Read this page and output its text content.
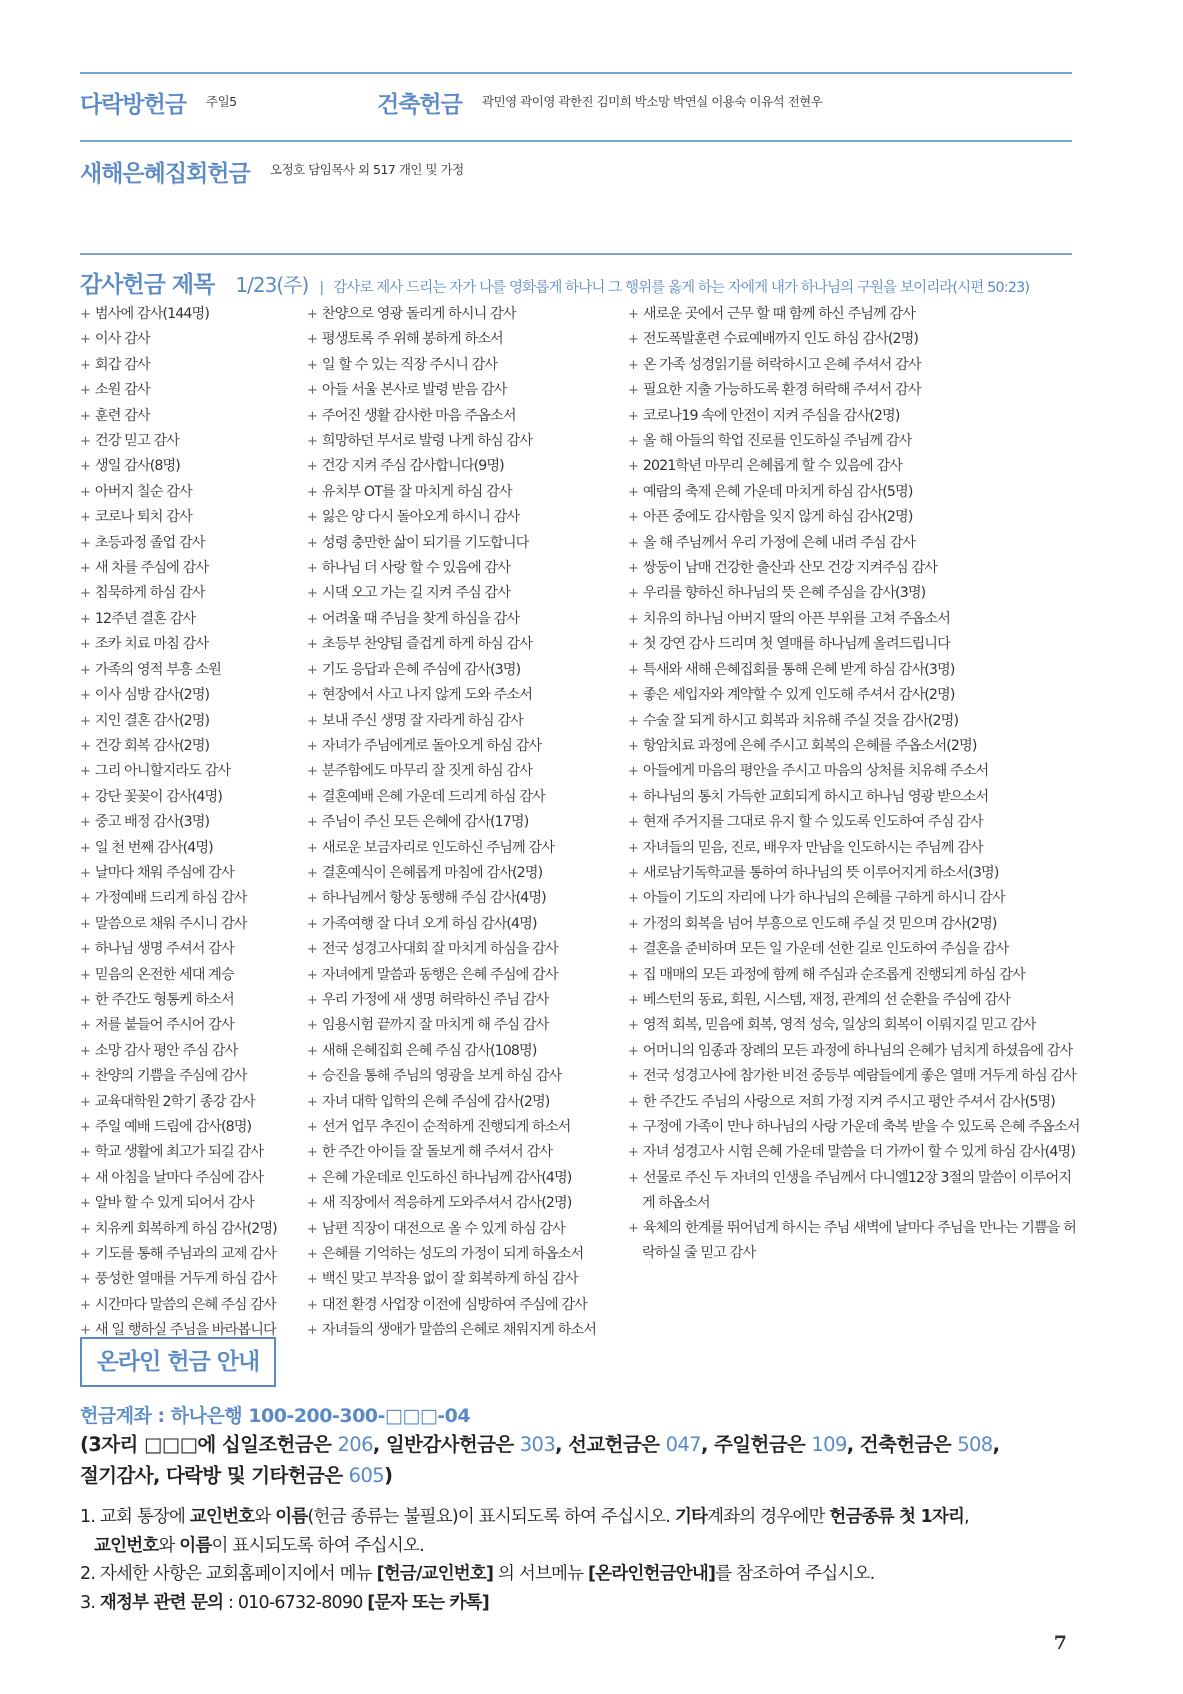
다락방헌금 주일5	건축헌금 곽민영 곽이영 곽한진 김미희 박소망 박연실 이용숙 이유석 전현우
새해은혜집회헌금 오정호 담임목사 외 517 개인 및 가정
감사헌금 제목 1/23(주) | 감사로 제사 드리는 자가 나를 영화롭게 하나니 그 행위를 옳게 하는 자에게 내가 하나님의 구원을 보이리라(시편 50:23)
+ 범사에 감사(144명)
+ 이사 감사
+ 회갑 감사
+ 소원 감사
+ 훈련 감사
+ 건강 믿고 감사
+ 생일 감사(8명)
+ 아버지 칠순 감사
+ 코로나 퇴치 감사
+ 초등과정 졸업 감사
+ 새 차를 주심에 감사
+ 침묵하게 하심 감사
+ 12주년 결혼 감사
+ 조카 치료 마침 감사
+ 가족의 영적 부흥 소원
+ 이사 심방 감사(2명)
+ 지인 결혼 감사(2명)
+ 건강 회복 감사(2명)
+ 그리 아니할지라도 감사
+ 강단 꽃꽂이 감사(4명)
+ 중고 배정 감사(3명)
+ 일 천 번째 감사(4명)
+ 날마다 채워 주심에 감사
+ 가정예배 드리게 하심 감사
+ 말씀으로 채워 주시니 감사
+ 하나님 생명 주셔서 감사
+ 믿음의 온전한 세대 계승
+ 한 주간도 형통케 하소서
+ 저를 붙들어 주시어 감사
+ 소망 감사 평안 주심 감사
+ 찬양의 기쁨을 주심에 감사
+ 교육대학원 2학기 종강 감사
+ 주일 예배 드림에 감사(8명)
+ 학교 생활에 최고가 되길 감사
+ 새 아침을 날마다 주심에 감사
+ 알바 할 수 있게 되어서 감사
+ 치유케 회복하게 하심 감사(2명)
+ 기도를 통해 주님과의 교제 감사
+ 풍성한 열매를 거두게 하심 감사
+ 시간마다 말씀의 은혜 주심 감사
+ 새 일 행하실 주님을 바라봅니다
+ 찬양으로 영광 돌리게 하시니 감사
+ 평생토록 주 위해 봉하게 하소서
+ 일 할 수 있는 직장 주시니 감사
+ 아들 서울 본사로 발령 받음 감사
+ 주어진 생활 감사한 마음 주옵소서
+ 희망하던 부서로 발령 나게 하심 감사
+ 건강 지켜 주심 감사합니다(9명)
+ 유치부 OT를 잘 마치게 하심 감사
+ 잃은 양 다시 돌아오게 하시니 감사
+ 성령 충만한 삶이 되기를 기도합니다
+ 하나님 더 사랑 할 수 있음에 감사
+ 시댁 오고 가는 길 지켜 주심 감사
+ 어려울 때 주님을 찾게 하심을 감사
+ 초등부 찬양팀 즐겁게 하게 하심 감사
+ 기도 응답과 은혜 주심에 감사(3명)
+ 현장에서 사고 나지 않게 도와 주소서
+ 보내 주신 생명 잘 자라게 하심 감사
+ 자녀가 주님에게로 돌아오게 하심 감사
+ 분주함에도 마무리 잘 짓게 하심 감사
+ 결혼예배 은혜 가운데 드리게 하심 감사
+ 주님이 주신 모든 은혜에 감사(17명)
+ 새로운 보금자리로 인도하신 주님께 감사
+ 결혼예식이 은혜롭게 마침에 감사(2명)
+ 하나님께서 항상 동행해 주심 감사(4명)
+ 가족여행 잘 다녀 오게 하심 감사(4명)
+ 전국 성경고사대회 잘 마치게 하심을 감사
+ 자녀에게 말씀과 동행은 은혜 주심에 감사
+ 우리 가정에 새 생명 허락하신 주님 감사
+ 임용시험 끝까지 잘 마치게 해 주심 감사
+ 새해 은혜집회 은혜 주심 감사(108명)
+ 승진을 통해 주님의 영광을 보게 하심 감사
+ 자녀 대학 입학의 은혜 주심에 감사(2명)
+ 선거 업무 추진이 순적하게 진행되게 하소서
+ 한 주간 아이들 잘 돌보게 해 주셔서 감사
+ 은혜 가운데로 인도하신 하나님께 감사(4명)
+ 새 직장에서 적응하게 도와주셔서 감사(2명)
+ 남편 직장이 대전으로 올 수 있게 하심 감사
+ 은혜를 기억하는 성도의 가정이 되게 하옵소서
+ 백신 맞고 부작용 없이 잘 회복하게 하심 감사
+ 대전 환경 사업장 이전에 심방하여 주심에 감사
+ 자녀들의 생애가 말씀의 은혜로 채워지게 하소서
+ 새로운 곳에서 근무 할 때 함께 하신 주님께 감사
+ 전도폭발훈련 수료예배까지 인도 하심 감사(2명)
+ 온 가족 성경읽기를 허락하시고 은혜 주셔서 감사
+ 필요한 지출 가능하도록 환경 허락해 주셔서 감사
+ 코로나19 속에 안전이 지켜 주심을 감사(2명)
+ 올 해 아들의 학업 진로를 인도하실 주님께 감사
+ 2021학년 마무리 은혜롭게 할 수 있음에 감사
+ 예람의 축제 은혜 가운데 마치게 하심 감사(5명)
+ 아픈 중에도 감사함을 잊지 않게 하심 감사(2명)
+ 올 해 주님께서 우리 가정에 은혜 내려 주심 감사
+ 쌍둥이 남매 건강한 출산과 산모 건강 지켜주심 감사
+ 우리를 향하신 하나님의 뜻 은혜 주심을 감사(3명)
+ 치유의 하나님 아버지 딸의 아픈 부위를 고쳐 주옵소서
+ 첫 강연 감사 드리며 첫 열매를 하나님께 올려드립니다
+ 특새와 새해 은혜집회를 통해 은혜 받게 하심 감사(3명)
+ 좋은 세입자와 계약할 수 있게 인도해 주셔서 감사(2명)
+ 수술 잘 되게 하시고 회복과 치유해 주실 것을 감사(2명)
+ 항암치료 과정에 은혜 주시고 회복의 은혜를 주옵소서(2명)
+ 아들에게 마음의 평안을 주시고 마음의 상처를 치유해 주소서
+ 하나님의 통치 가득한 교회되게 하시고 하나님 영광 받으소서
+ 현재 주거지를 그대로 유지 할 수 있도록 인도하여 주심 감사
+ 자녀들의 믿음, 진로, 배우자 만남을 인도하시는 주님께 감사
+ 새로남기독학교를 통하여 하나님의 뜻 이루어지게 하소서(3명)
+ 아들이 기도의 자리에 나가 하나님의 은혜를 구하게 하시니 감사
+ 가정의 회복을 넘어 부흥으로 인도해 주실 것 믿으며 감사(2명)
+ 결혼을 준비하며 모든 일 가운데 선한 길로 인도하여 주심을 감사
+ 집 매매의 모든 과정에 함께 해 주심과 순조롭게 진행되게 하심 감사
+ 베스턴의 동료, 회원, 시스템, 재정, 관계의 선 순환을 주심에 감사
+ 영적 회복, 믿음에 회복, 영적 성숙, 일상의 회복이 이뤄지길 믿고 감사
+ 어머니의 임종과 장례의 모든 과정에 하나님의 은혜가 넘치게 하셨음에 감사
+ 전국 성경고사에 참가한 비전 중등부 예람들에게 좋은 열매 거두게 하심 감사
+ 한 주간도 주님의 사랑으로 저희 가정 지켜 주시고 평안 주셔서 감사(5명)
+ 구정에 가족이 만나 하나님의 사랑 가운데 축복 받을 수 있도록 은혜 주옵소서
+ 자녀 성경고사 시험 은혜 가운데 말씀을 더 가까이 할 수 있게 하심 감사(4명)
+ 선물로 주신 두 자녀의 인생을 주님께서 다니엘12장 3절의 말씀이 이루어지게 하옵소서
+ 육체의 한계를 뛰어넘게 하시는 주님 새벽에 날마다 주님을 만나는 기쁨을 허락하실 줄 믿고 감사
온라인 헌금 안내
헌금계좌 : 하나은행 100-200-300-□□□-04
(3자리 □□□에 십일조헌금은 206, 일반감사헌금은 303, 선교헌금은 047, 주일헌금은 109, 건축헌금은 508,
절기감사, 다락방 및 기타헌금은 605)
1. 교회 통장에 교인번호와 이름(헌금 종류는 불필요)이 표시되도록 하여 주십시오. 기타계좌의 경우에만 헌금종류 첫 1자리,
교인번호와 이름이 표시되도록 하여 주십시오.
2. 자세한 사항은 교회홈페이지에서 메뉴 [헌금/교인번호] 의 서브메뉴 [온라인헌금안내]를 참조하여 주십시오.
3. 재정부 관련 문의 : 010-6732-8090 [문자 또는 카톡]
7
